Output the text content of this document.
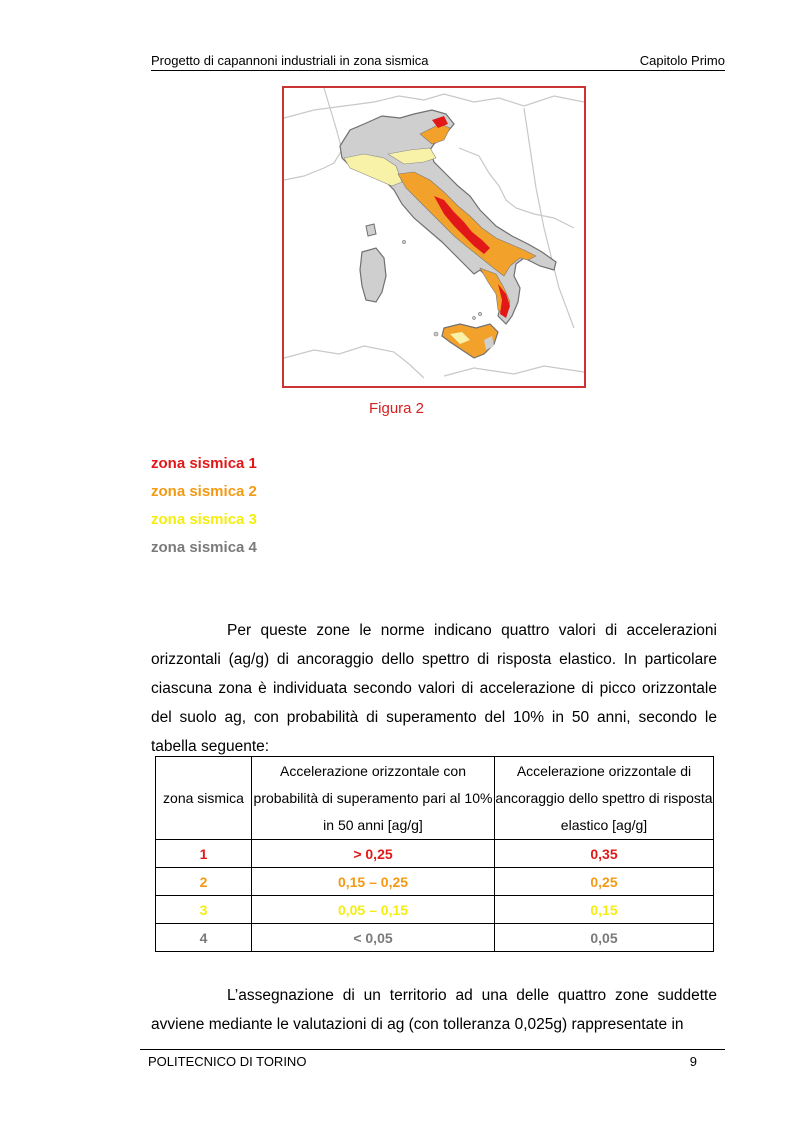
Progetto di capannoni industriali in zona sismica	Capitolo Primo
Figura 2
zona sismica 1
zona sismica 2
zona sismica 3
zona sismica 4
Per queste zone le norme indicano quattro valori di accelerazioni orizzontali (ag/g) di ancoraggio dello spettro di risposta elastico. In particolare ciascuna zona è individuata secondo valori di accelerazione di picco orizzontale del suolo ag, con probabilità di superamento del 10% in 50 anni, secondo le tabella seguente:
zona sismica	Accelerazione orizzontale con probabilità di superamento pari al 10% in 50 anni [ag/g]	Accelerazione orizzontale di ancoraggio dello spettro di risposta elastico [ag/g]
1	> 0,25	0,35
2	0,15 – 0,25	0,25
3	0,05 – 0,15	0,15
4	< 0,05	0,05
L’assegnazione di un territorio ad una delle quattro zone suddette avviene mediante le valutazioni di ag (con tolleranza 0,025g) rappresentate in
POLITECNICO DI TORINO	9
